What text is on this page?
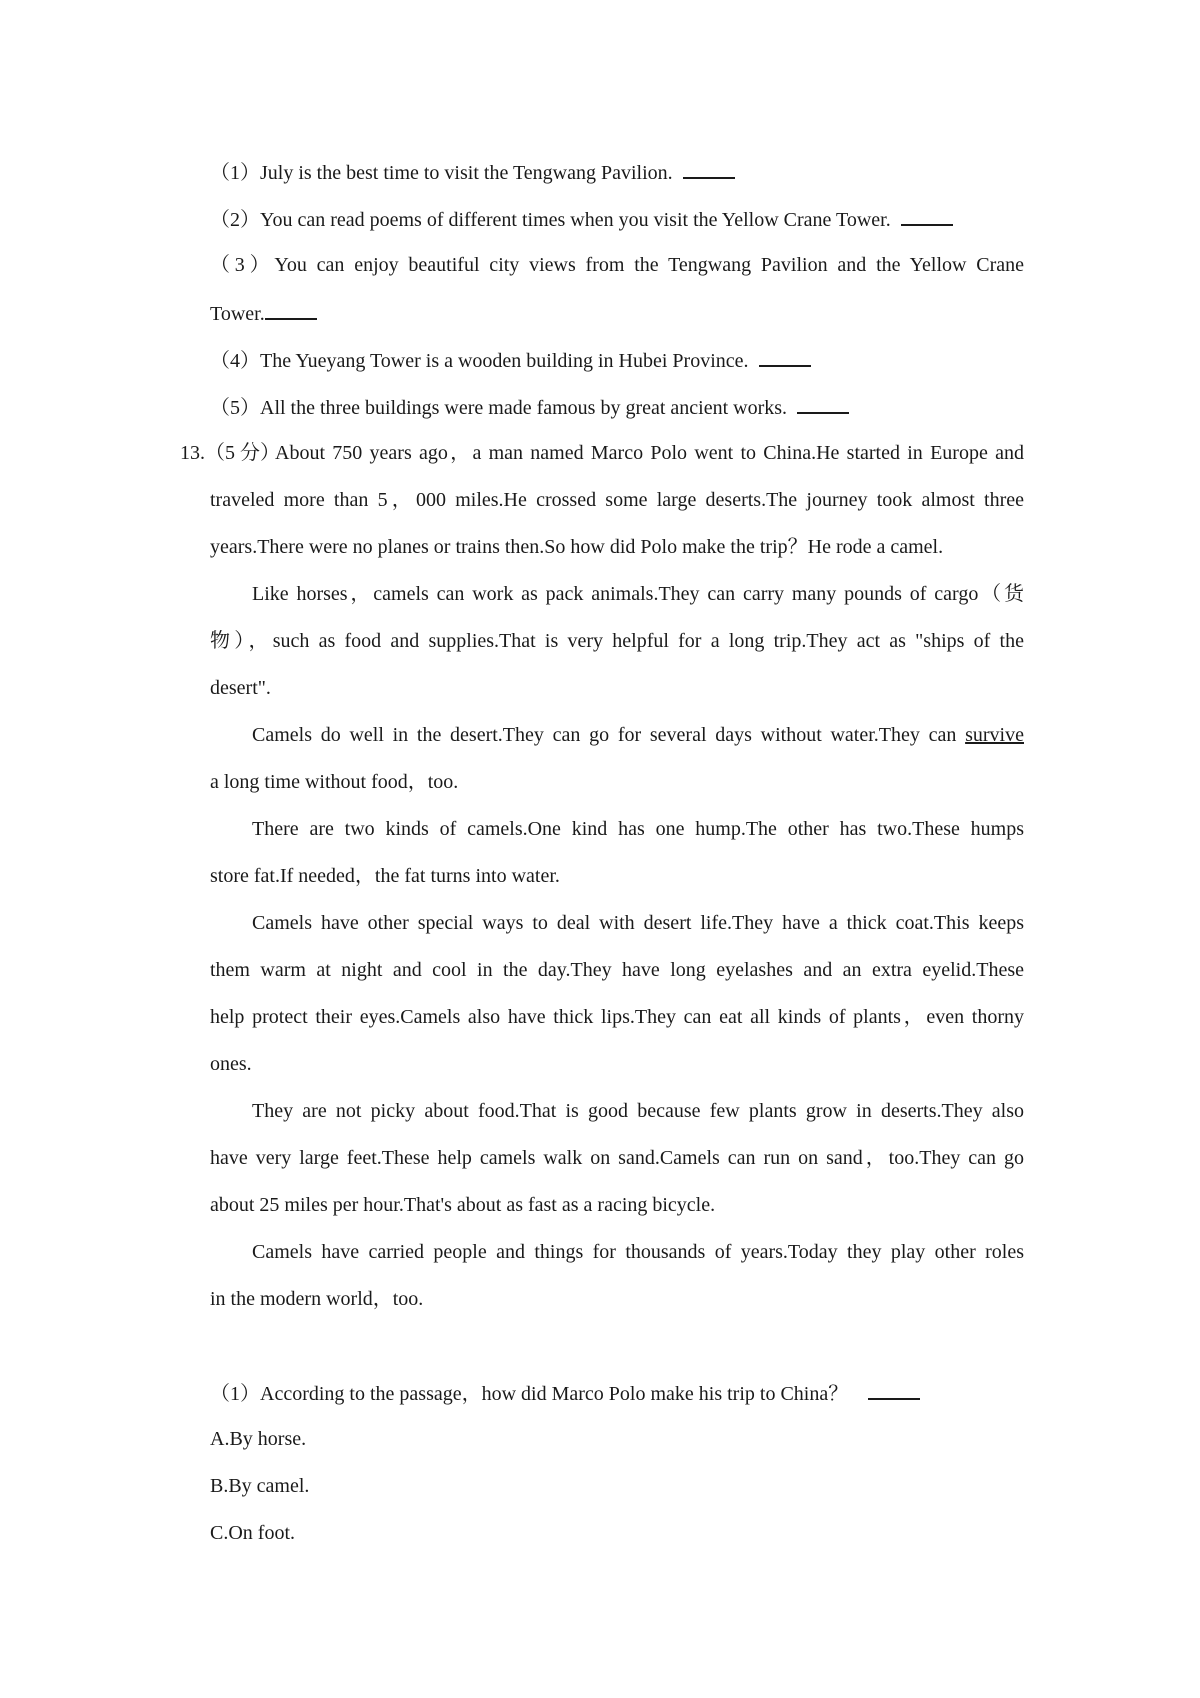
（1）July is the best time to visit the Tengwang Pavilion.
（2）You can read poems of different times when you visit the Yellow Crane Tower.
（3）You can enjoy beautiful city views from the Tengwang Pavilion and the Yellow Crane
Tower.
（4）The Yueyang Tower is a wooden building in Hubei Province.
（5）All the three buildings were made famous by great ancient works.
13.（5 分）
About 750 years ago，a man named Marco Polo went to China.He started in Europe and
traveled more than 5，000 miles.He crossed some large deserts.The journey took almost three
years.There were no planes or trains then.So how did Polo make the trip？He rode a camel.
Like horses，camels can work as pack animals.They can carry many pounds of cargo（货
物），such as food and supplies.That is very helpful for a long trip.They act as "ships of the
desert".
Camels do well in the desert.They can go for several days without water.They can survive
a long time without food，too.
There are two kinds of camels.One kind has one hump.The other has two.These humps
store fat.If needed，the fat turns into water.
Camels have other special ways to deal with desert life.They have a thick coat.This keeps
them warm at night and cool in the day.They have long eyelashes and an extra eyelid.These
help protect their eyes.Camels also have thick lips.They can eat all kinds of plants，even thorny
ones.
They are not picky about food.That is good because few plants grow in deserts.They also
have very large feet.These help camels walk on sand.Camels can run on sand，too.They can go
about 25 miles per hour.That's about as fast as a racing bicycle.
Camels have carried people and things for thousands of years.Today they play other roles
in the modern world，too.
（1）According to the passage，how did Marco Polo make his trip to China？
A.By horse.
B.By camel.
C.On foot.
